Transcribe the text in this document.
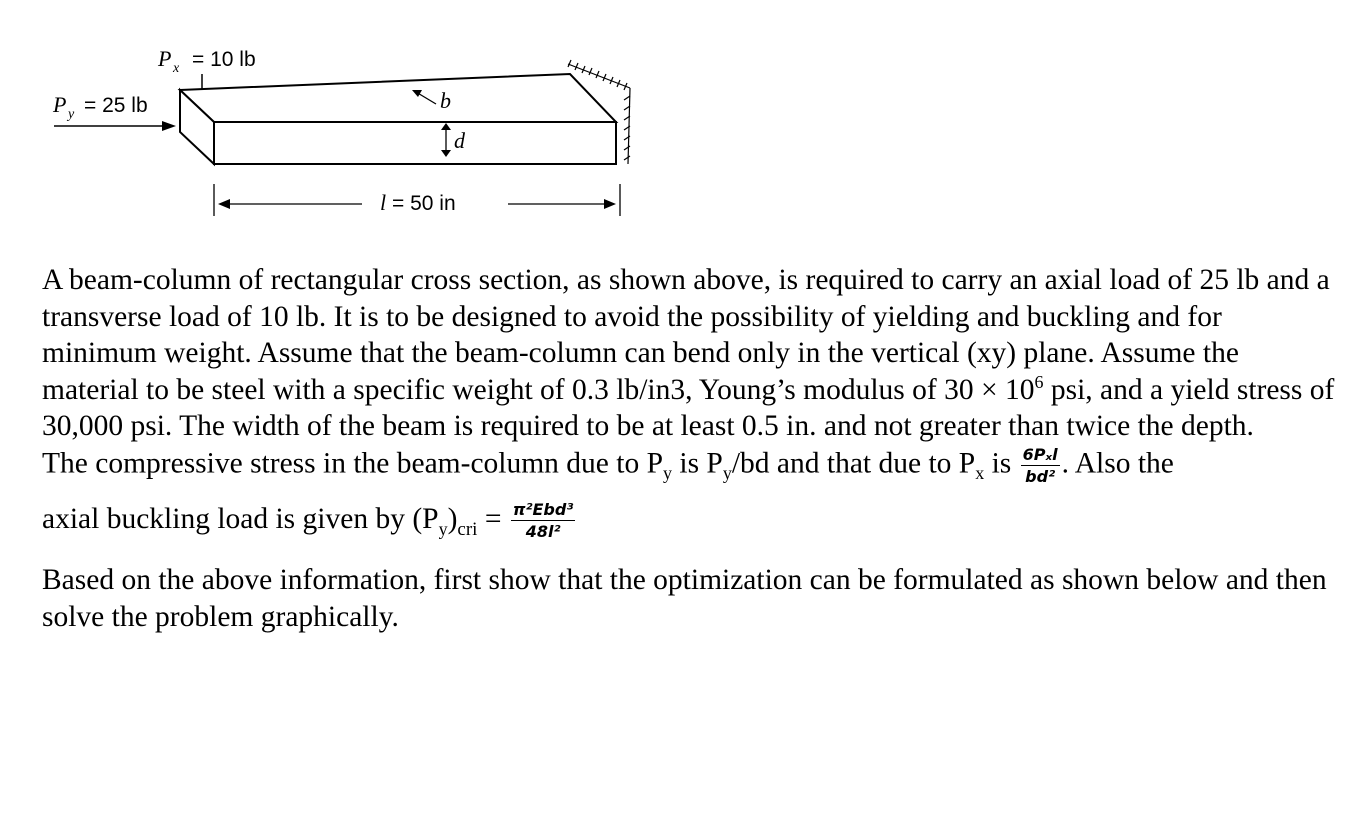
P x = 10 lb
P y = 25 lb	b
d
l = 50 in

A beam-column of rectangular cross section, as shown above, is required to carry an axial load of 25 lb and a transverse load of 10 lb. It is to be designed to avoid the possibility of yielding and buckling and for minimum weight. Assume that the beam-column can bend only in the vertical (xy) plane. Assume the material to be steel with a specific weight of 0.3 lb/in3, Young’s modulus of $30 \times 10^6$ psi, and a yield stress of 30,000 psi. The width of the beam is required to be at least 0.5 in. and not greater than twice the depth.

The compressive stress in the beam-column due to $P_y$ is $P_y/bd$ and that due to $P_x$ is $\frac{\text{6Pₓl}}{\text{bd²}}$ . Also the

axial buckling load is given by $(P_y)_{cri} = \frac{\text{π²Ebd³}}{\text{48l²}}$

Based on the above information, first show that the optimization can be formulated as shown below and then solve the problem graphically.
